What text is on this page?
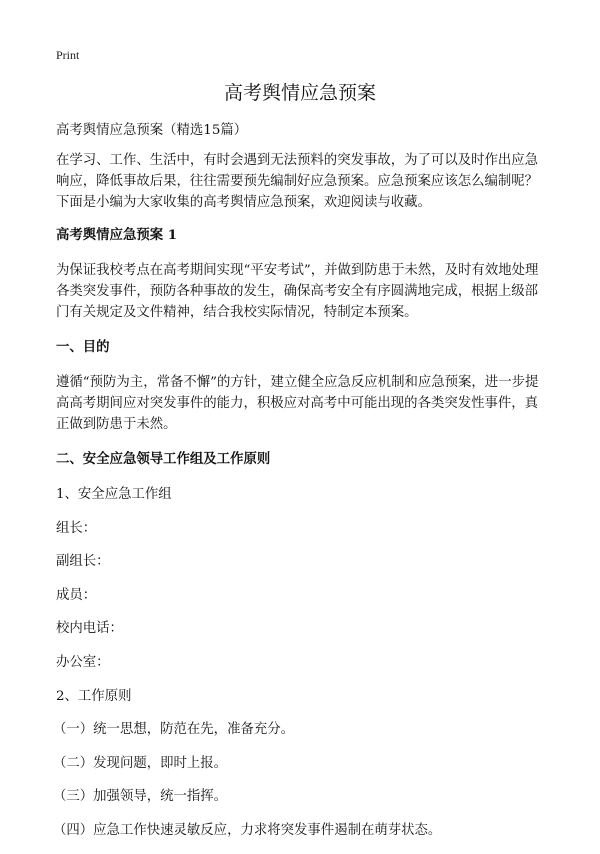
Print
高考舆情应急预案

高考舆情应急预案（精选15篇）

在学习、工作、生活中，有时会遇到无法预料的突发事故，为了可以及时作出应急响应，降低事故后果，往往需要预先编制好应急预案。应急预案应该怎么编制呢？下面是小编为大家收集的高考舆情应急预案，欢迎阅读与收藏。

高考舆情应急预案 1

为保证我校考点在高考期间实现“平安考试”，并做到防患于未然，及时有效地处理各类突发事件，预防各种事故的发生，确保高考安全有序圆满地完成，根据上级部门有关规定及文件精神，结合我校实际情况，特制定本预案。

一、目的

遵循“预防为主，常备不懈”的方针，建立健全应急反应机制和应急预案，进一步提高高考期间应对突发事件的能力，积极应对高考中可能出现的各类突发性事件，真正做到防患于未然。

二、安全应急领导工作组及工作原则

1、安全应急工作组

组长：

副组长：

成员：

校内电话：

办公室：

2、工作原则

（一）统一思想，防范在先，准备充分。

（二）发现问题，即时上报。

（三）加强领导，统一指挥。

（四）应急工作快速灵敏反应，力求将突发事件遏制在萌芽状态。
